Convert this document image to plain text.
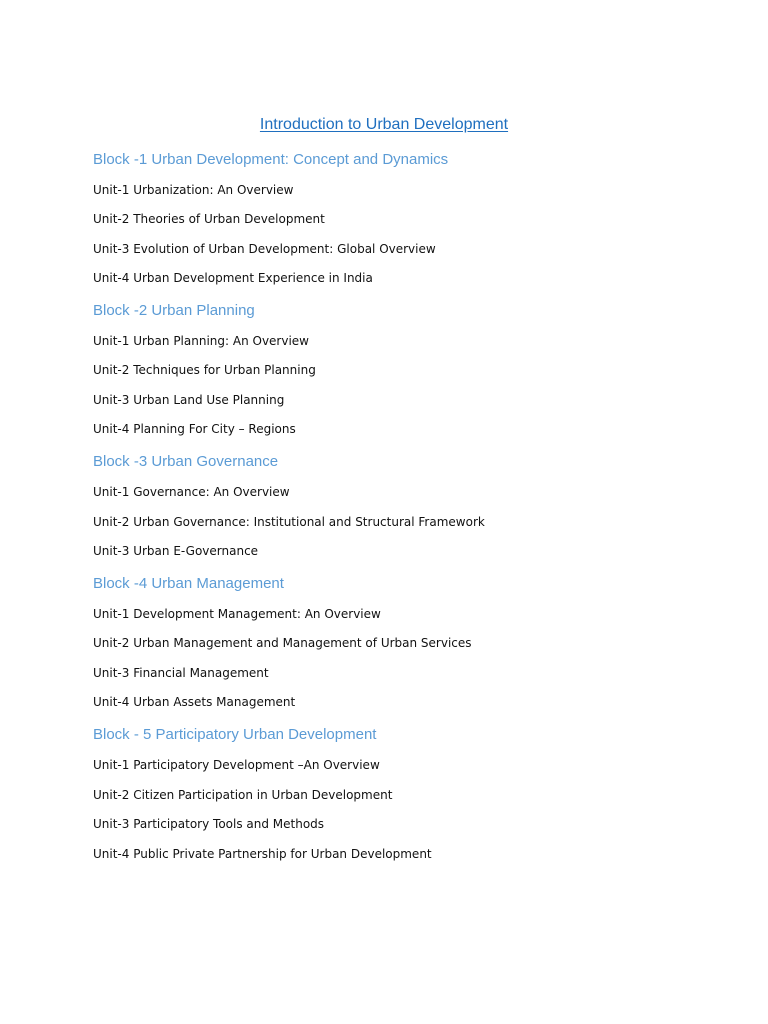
Introduction to Urban Development
Block -1 Urban Development: Concept and Dynamics
Unit-1 Urbanization: An Overview
Unit-2 Theories of Urban Development
Unit-3 Evolution of Urban Development: Global Overview
Unit-4 Urban Development Experience in India
Block -2 Urban Planning
Unit-1 Urban Planning: An Overview
Unit-2 Techniques for Urban Planning
Unit-3 Urban Land Use Planning
Unit-4 Planning For City – Regions
Block -3 Urban Governance
Unit-1 Governance: An Overview
Unit-2 Urban Governance: Institutional and Structural Framework
Unit-3 Urban E-Governance
Block -4 Urban Management
Unit-1 Development Management: An Overview
Unit-2 Urban Management and Management of Urban Services
Unit-3 Financial Management
Unit-4 Urban Assets Management
Block - 5 Participatory Urban Development
Unit-1 Participatory Development –An Overview
Unit-2 Citizen Participation in Urban Development
Unit-3 Participatory Tools and Methods
Unit-4 Public Private Partnership for Urban Development
